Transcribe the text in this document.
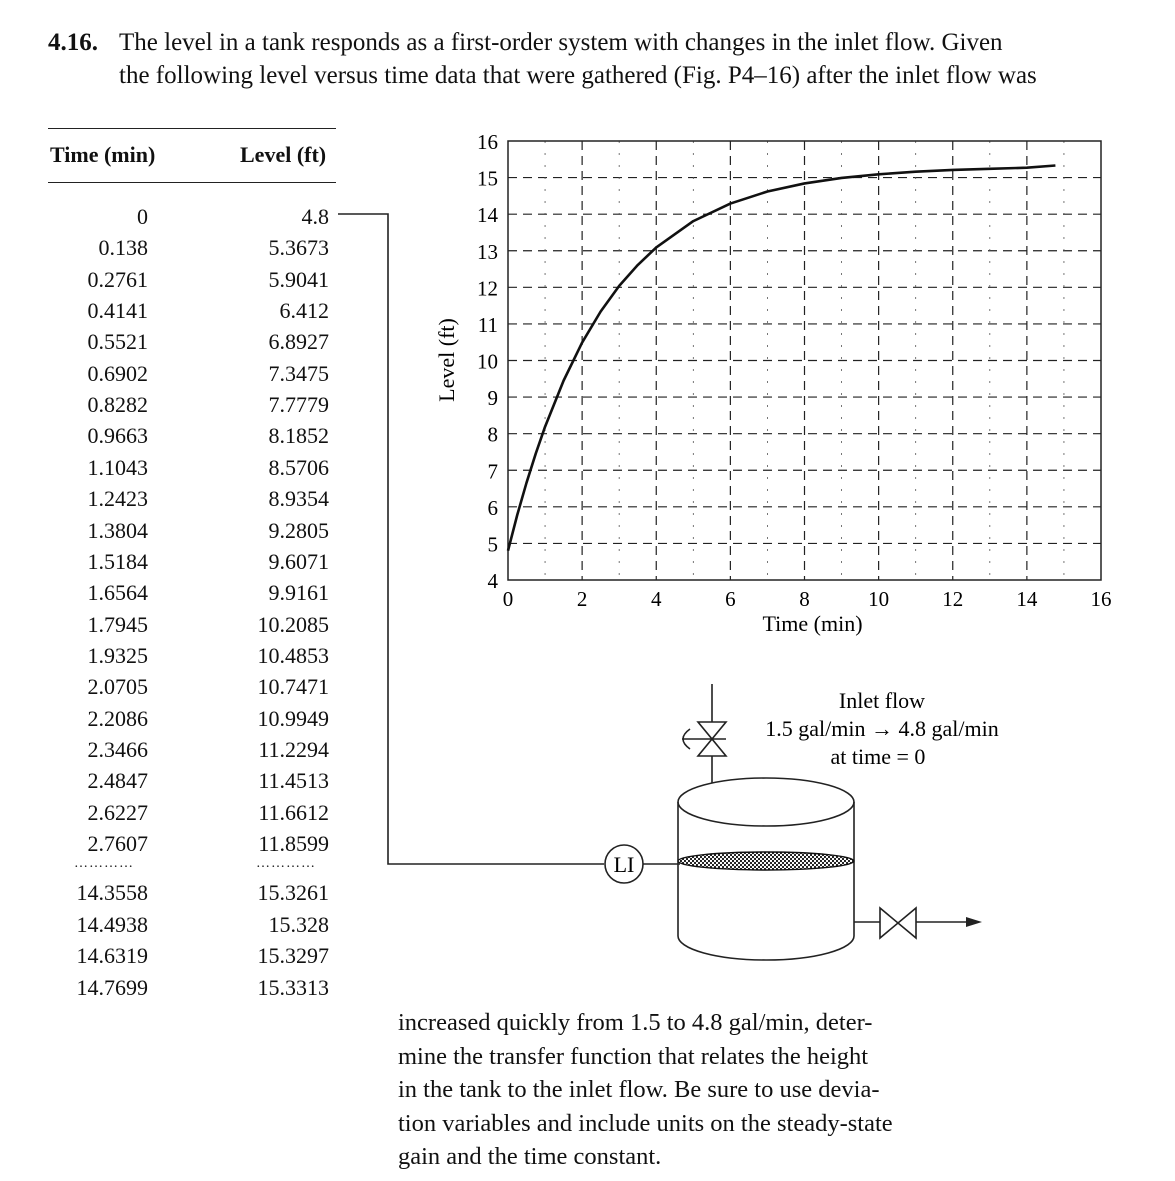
4.16. The level in a tank responds as a first-order system with changes in the inlet flow. Given
the following level versus time data that were gathered (Fig. P4–16) after the inlet flow was
Time (min)	Level (ft)
0	4.8
0.138	5.3673
0.2761	5.9041
0.4141	6.412
0.5521	6.8927
0.6902	7.3475
0.8282	7.7779
0.9663	8.1852
1.1043	8.5706
1.2423	8.9354
1.3804	9.2805
1.5184	9.6071
1.6564	9.9161
1.7945	10.2085
1.9325	10.4853
2.0705	10.7471
2.2086	10.9949
2.3466	11.2294
2.4847	11.4513
2.6227	11.6612
2.7607	11.8599
…………	…………
14.3558	15.3261
14.4938	15.328
14.6319	15.3297
14.7699	15.3313
4
5
6
7
8
9
10
11
12
13
14
15
16
0	2	4	6	8	10	12	14	16
Time (min)
Level (ft)
LI
Inlet flow
1.5 gal/min → 4.8 gal/min
at time = 0
increased quickly from 1.5 to 4.8 gal/min, deter-
mine the transfer function that relates the height
in the tank to the inlet flow. Be sure to use devia-
tion variables and include units on the steady-state
gain and the time constant.
